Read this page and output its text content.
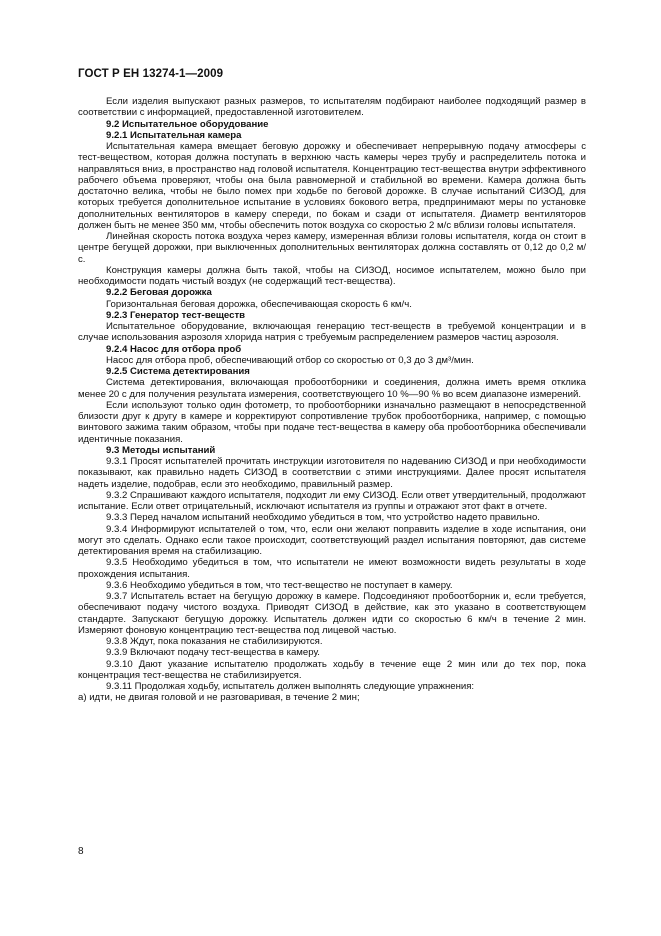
ГОСТ Р ЕН 13274-1—2009

Если изделия выпускают разных размеров, то испытателям подбирают наиболее подходящий размер в соответствии с информацией, предоставленной изготовителем.

9.2 Испытательное оборудование
9.2.1 Испытательная камера

Испытательная камера вмещает беговую дорожку и обеспечивает непрерывную подачу атмосферы с тест-веществом, которая должна поступать в верхнюю часть камеры через трубу и распределитель потока и направляться вниз, в пространство над головой испытателя. Концентрацию тест-вещества внутри эффективного рабочего объема проверяют, чтобы она была равномерной и стабильной во времени. Камера должна быть достаточно велика, чтобы не было помех при ходьбе по беговой дорожке. В случае испытаний СИЗОД, для которых требуется дополнительное испытание в условиях бокового ветра, предпринимают меры по установке дополнительных вентиляторов в камеру спереди, по бокам и сзади от испытателя. Диаметр вентиляторов должен быть не менее 350 мм, чтобы обеспечить поток воздуха со скоростью 2 м/с вблизи головы испытателя.

Линейная скорость потока воздуха через камеру, измеренная вблизи головы испытателя, когда он стоит в центре бегущей дорожки, при выключенных дополнительных вентиляторах должна составлять от 0,12 до 0,2 м/с.

Конструкция камеры должна быть такой, чтобы на СИЗОД, носимое испытателем, можно было при необходимости подать чистый воздух (не содержащий тест-вещества).

9.2.2 Беговая дорожка

Горизонтальная беговая дорожка, обеспечивающая скорость 6 км/ч.

9.2.3 Генератор тест-веществ

Испытательное оборудование, включающая генерацию тест-веществ в требуемой концентрации и в случае использования аэрозоля хлорида натрия с требуемым распределением размеров частиц аэрозоля.

9.2.4 Насос для отбора проб

Насос для отбора проб, обеспечивающий отбор со скоростью от 0,3 до 3 дм³/мин.

9.2.5 Система детектирования

Система детектирования, включающая пробоотборники и соединения, должна иметь время отклика менее 20 с для получения результата измерения, соответствующего 10 %—90 % во всем диапазоне измерений.

Если используют только один фотометр, то пробоотборники изначально размещают в непосредственной близости друг к другу в камере и корректируют сопротивление трубок пробоотборника, например, с помощью винтового зажима таким образом, чтобы при подаче тест-вещества в камеру оба пробоотборника обеспечивали идентичные показания.

9.3 Методы испытаний

9.3.1 Просят испытателей прочитать инструкции изготовителя по надеванию СИЗОД и при необходимости показывают, как правильно надеть СИЗОД в соответствии с этими инструкциями. Далее просят испытателя надеть изделие, подобрав, если это необходимо, правильный размер.

9.3.2 Спрашивают каждого испытателя, подходит ли ему СИЗОД. Если ответ утвердительный, продолжают испытание. Если ответ отрицательный, исключают испытателя из группы и отражают этот факт в отчете.

9.3.3 Перед началом испытаний необходимо убедиться в том, что устройство надето правильно.

9.3.4 Информируют испытателей о том, что, если они желают поправить изделие в ходе испытания, они могут это сделать. Однако если такое происходит, соответствующий раздел испытания повторяют, дав системе детектирования время на стабилизацию.

9.3.5 Необходимо убедиться в том, что испытатели не имеют возможности видеть результаты в ходе прохождения испытания.

9.3.6 Необходимо убедиться в том, что тест-вещество не поступает в камеру.

9.3.7 Испытатель встает на бегущую дорожку в камере. Подсоединяют пробоотборник и, если требуется, обеспечивают подачу чистого воздуха. Приводят СИЗОД в действие, как это указано в соответствующем стандарте. Запускают бегущую дорожку. Испытатель должен идти со скоростью 6 км/ч в течение 2 мин. Измеряют фоновую концентрацию тест-вещества под лицевой частью.

9.3.8 Ждут, пока показания не стабилизируются.

9.3.9 Включают подачу тест-вещества в камеру.

9.3.10 Дают указание испытателю продолжать ходьбу в течение еще 2 мин или до тех пор, пока концентрация тест-вещества не стабилизируется.

9.3.11 Продолжая ходьбу, испытатель должен выполнять следующие упражнения:

а) идти, не двигая головой и не разговаривая, в течение 2 мин;

8
